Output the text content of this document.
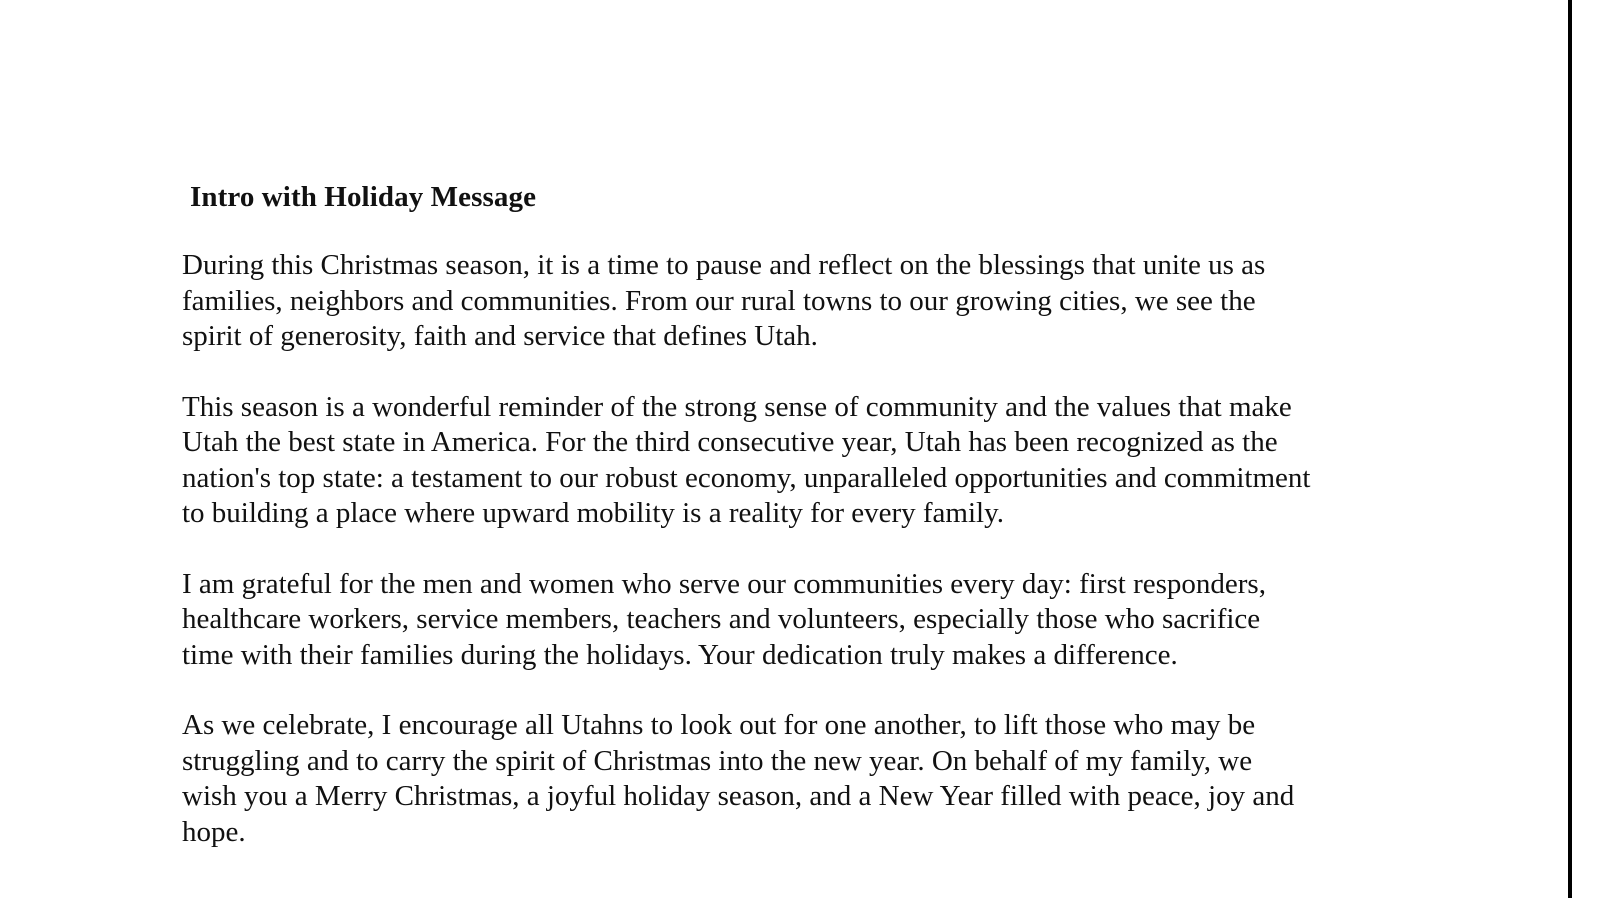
Intro with Holiday Message

During this Christmas season, it is a time to pause and reflect on the blessings that unite us as
families, neighbors and communities. From our rural towns to our growing cities, we see the
spirit of generosity, faith and service that defines Utah.

This season is a wonderful reminder of the strong sense of community and the values that make
Utah the best state in America. For the third consecutive year, Utah has been recognized as the
nation's top state: a testament to our robust economy, unparalleled opportunities and commitment
to building a place where upward mobility is a reality for every family.

I am grateful for the men and women who serve our communities every day: first responders,
healthcare workers, service members, teachers and volunteers, especially those who sacrifice
time with their families during the holidays. Your dedication truly makes a difference.

As we celebrate, I encourage all Utahns to look out for one another, to lift those who may be
struggling and to carry the spirit of Christmas into the new year. On behalf of my family, we
wish you a Merry Christmas, a joyful holiday season, and a New Year filled with peace, joy and
hope.
